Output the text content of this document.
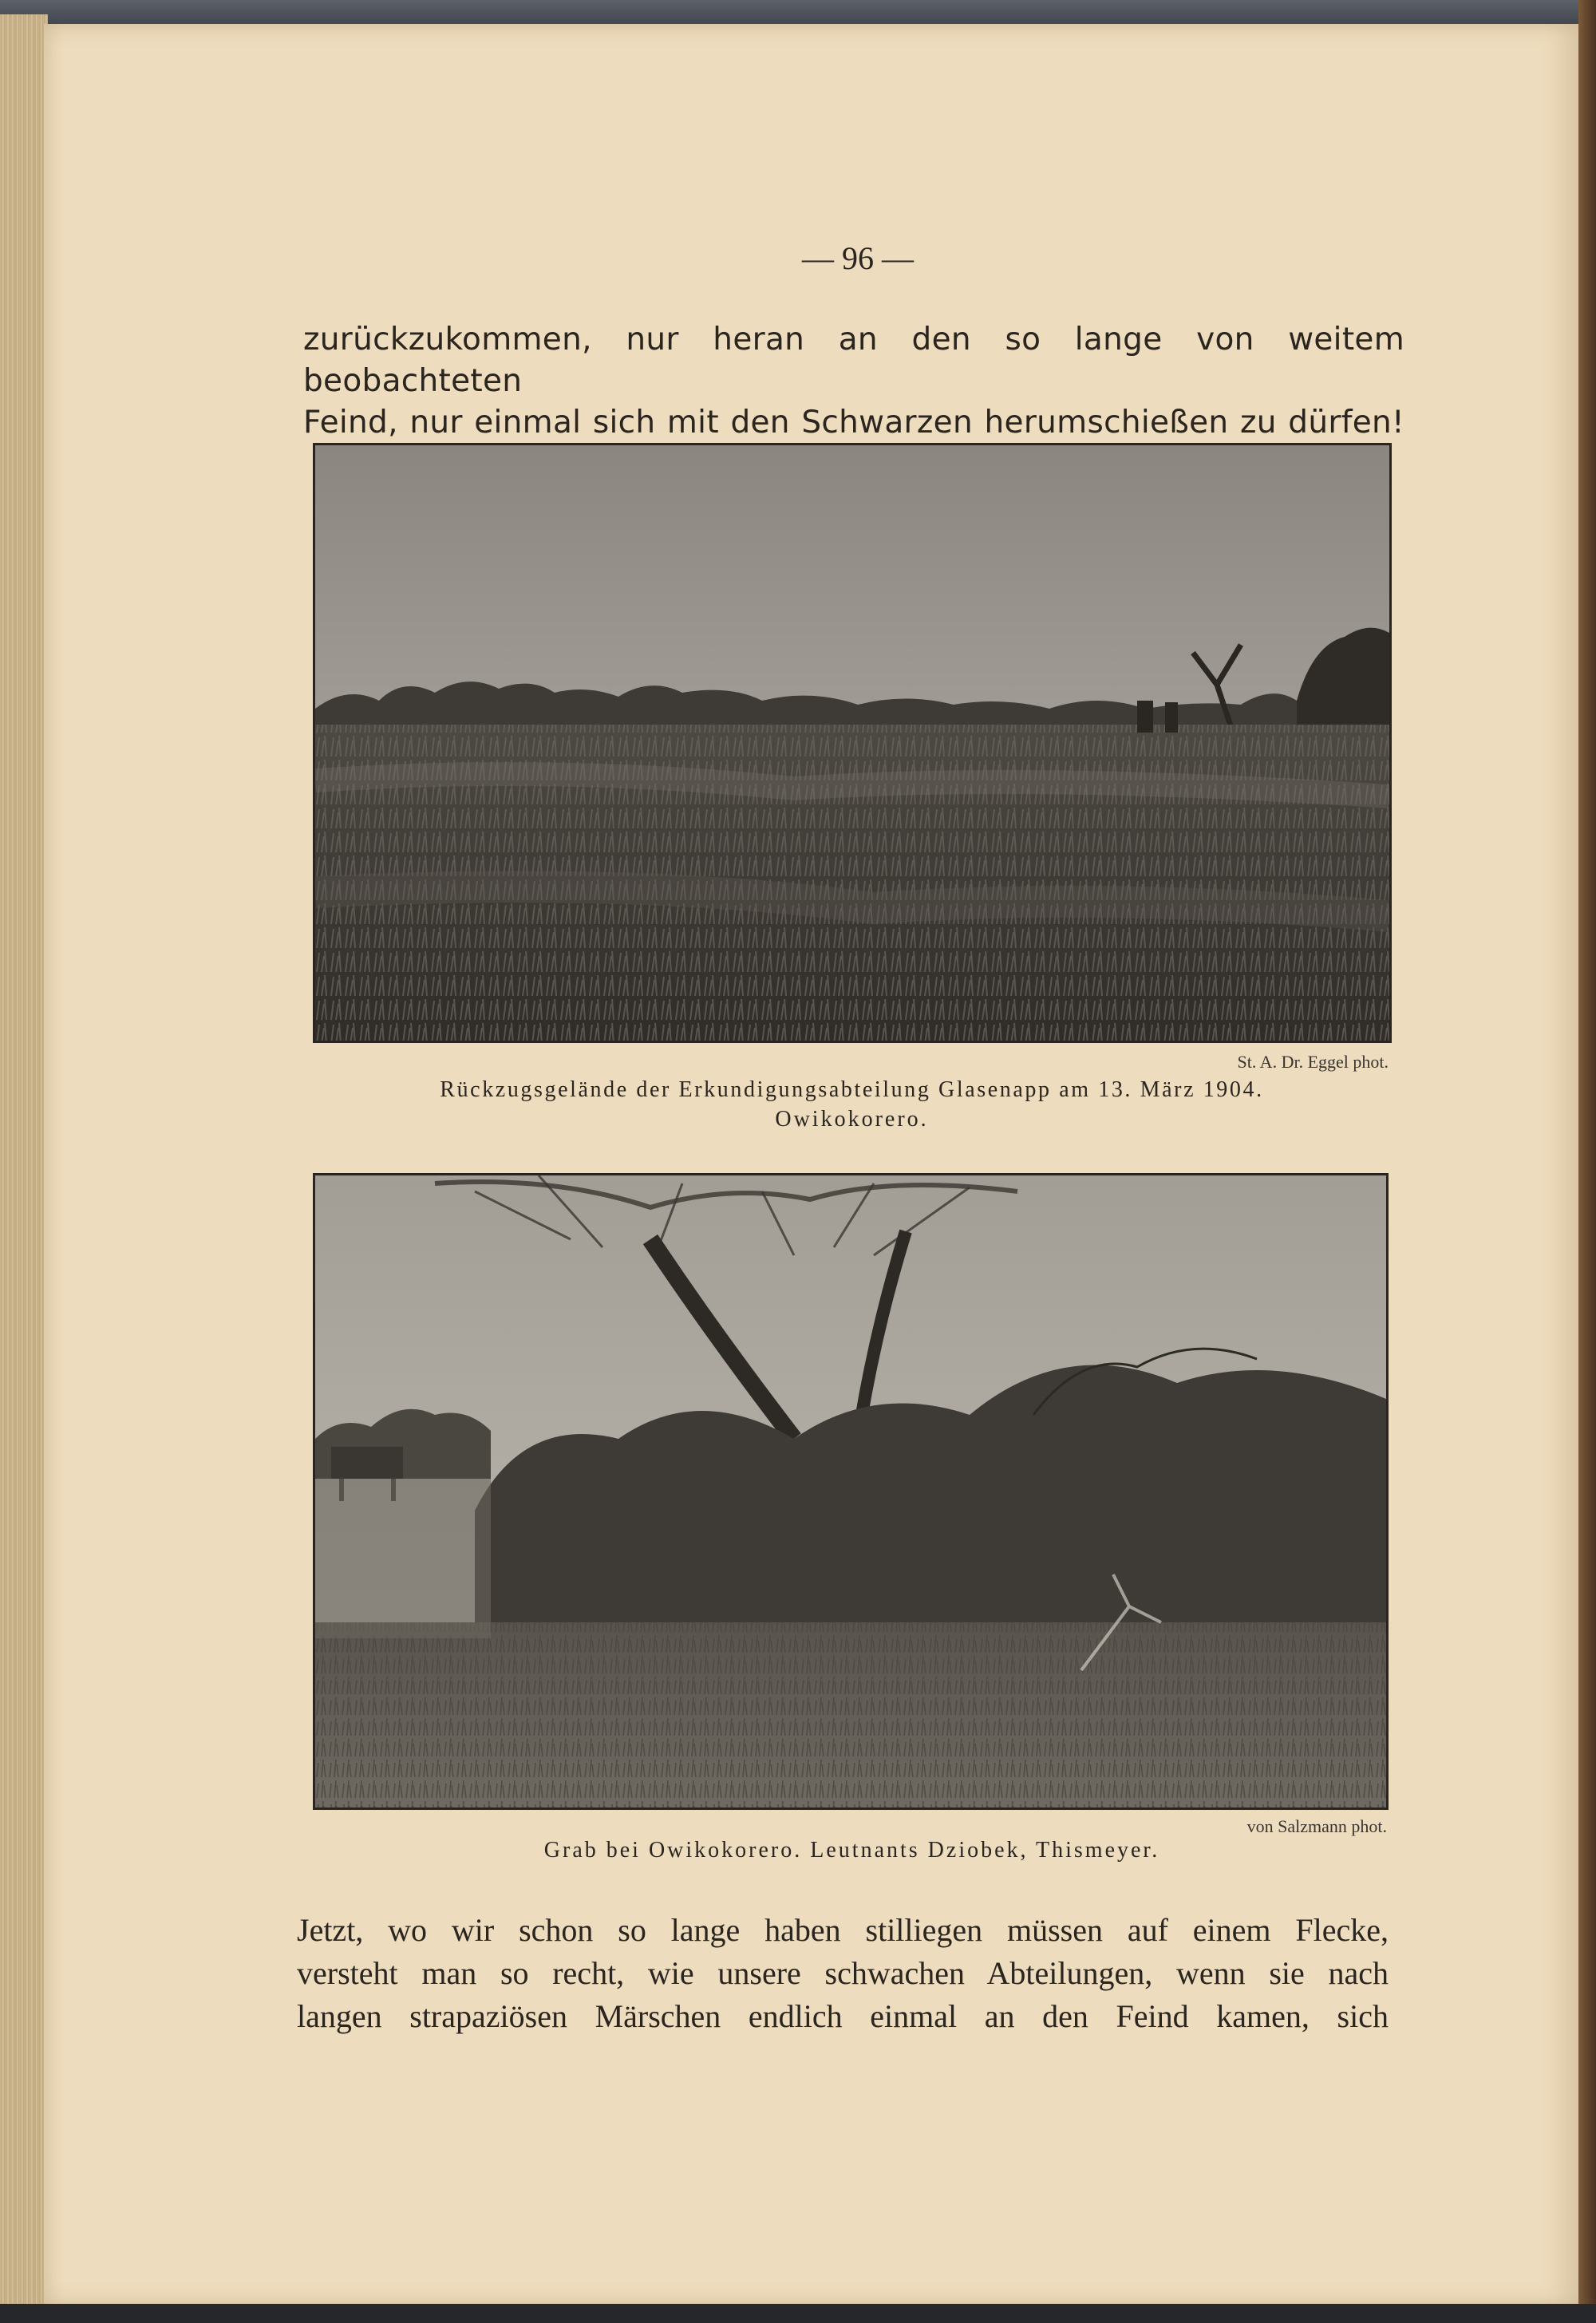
— 96 —
zurückzukommen, nur heran an den so lange von weitem beobachteten
Feind, nur einmal sich mit den Schwarzen herumschießen zu dürfen!
St. A. Dr. Eggel phot.
Rückzugsgelände der Erkundigungsabteilung Glasenapp am 13. März 1904.
Owikokorero.
von Salzmann phot.
Grab bei Owikokorero. Leutnants Dziobek, Thismeyer.
Jetzt, wo wir schon so lange haben stilliegen müssen auf einem Flecke,
versteht man so recht, wie unsere schwachen Abteilungen, wenn sie nach
langen strapaziösen Märschen endlich einmal an den Feind kamen, sich
